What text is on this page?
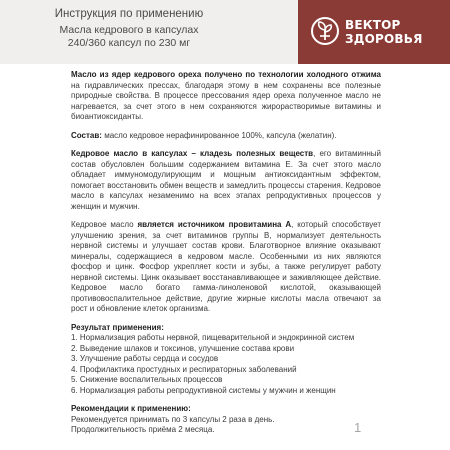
Инструкция по применению
Масла кедрового в капсулах
240/360 капсул по 230 мг
ВЕКТОР
ЗДОРОВЬЯ

Масло из ядер кедрового ореха получено по технологии холодного отжима на гидравлических прессах, благодаря этому в нем сохранены все полезные природные свойства. В процессе прессования ядер ореха полученное масло не нагревается, за счет этого в нем сохраняются жирорастворимые витамины и биоантиоксиданты.

Состав: масло кедровое нерафинированное 100%, капсула (желатин).

Кедровое масло в капсулах – кладезь полезных веществ, его витаминный состав обусловлен большим содержанием витамина Е. За счет этого масло обладает иммуномодулирующим и мощным антиоксидантным эффектом, помогает восстановить обмен веществ и замедлить процессы старения. Кедровое масло в капсулах незаменимо на всех этапах репродуктивных процессов у женщин и мужчин.

Кедровое масло является источником провитамина А, который способствует улучшению зрения, за счет витаминов группы В, нормализует деятельность нервной системы и улучшает состав крови. Благотворное влияние оказывают минералы, содержащиеся в кедровом масле. Особенными из них являются фосфор и цинк. Фосфор укрепляет кости и зубы, а также регулирует работу нервной системы. Цинк оказывает восстанавливающее и заживляющее действие. Кедровое масло богато гамма-линоленовой кислотой, оказывающей противовоспалительное действие, другие жирные кислоты масла отвечают за рост и обновление клеток организма.

Результат применения:
1. Нормализация работы нервной, пищеварительной и эндокринной систем
2. Выведение шлаков и токсинов, улучшение состава крови
3. Улучшение работы сердца и сосудов
4. Профилактика простудных и респираторных заболеваний
5. Снижение воспалительных процессов
6. Нормализация работы репродуктивной системы у мужчин и женщин
Рекомендации к применению:
Рекомендуется принимать по 3 капсулы 2 раза в день.
Продолжительность приёма 2 месяца.	1
